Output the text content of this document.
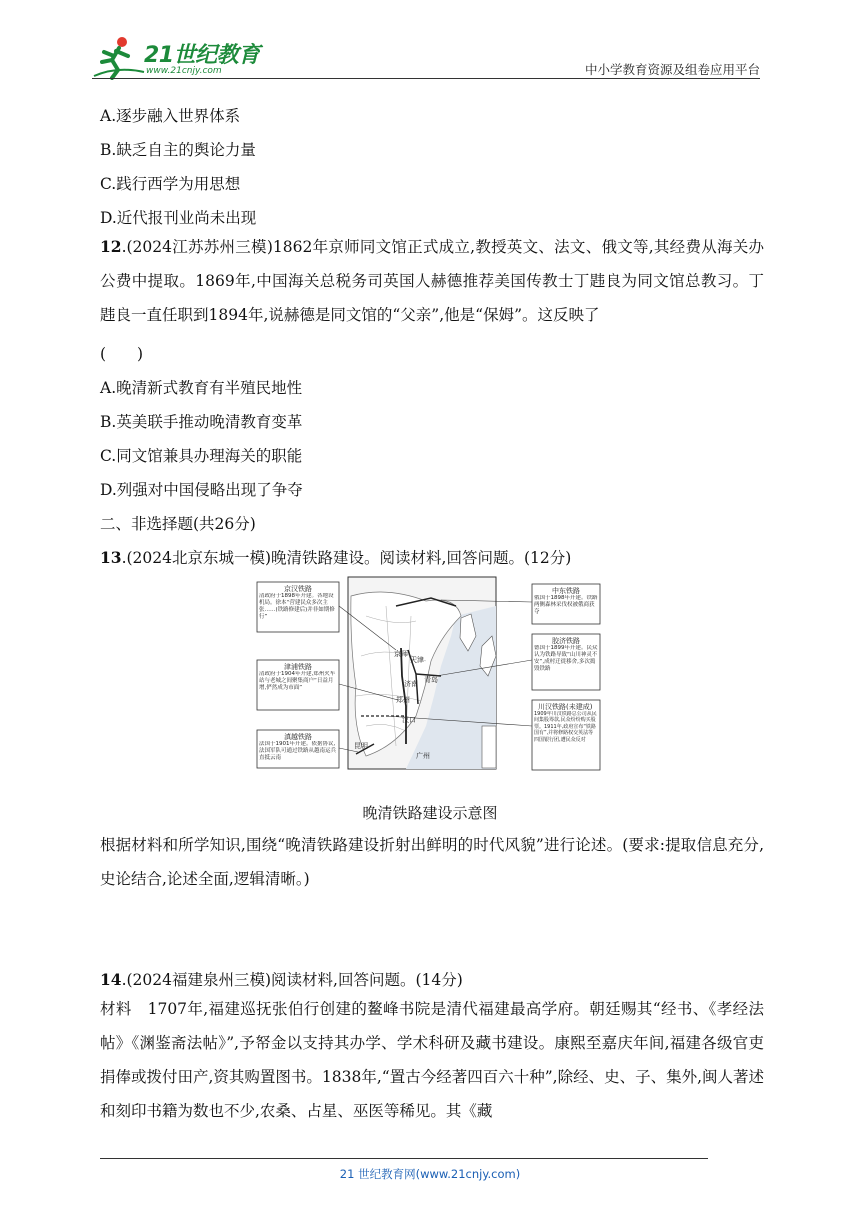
21世纪教育
www.21cnjy.com	中小学教育资源及组卷应用平台
A.逐步融入世界体系
B.缺乏自主的舆论力量
C.践行西学为用思想
D.近代报刊业尚未出现
12.(2024江苏苏州三模)1862年京师同文馆正式成立,教授英文、法文、俄文等,其经费从海关办公费中提取。1869年,中国海关总税务司英国人赫德推荐美国传教士丁韪良为同文馆总教习。丁韪良一直任职到1894年,说赫德是同文馆的“父亲”,他是“保姆”。这反映了
(　　)
A.晚清新式教育有半殖民地性
B.英美联手推动晚清教育变革
C.同文馆兼具办理海关的职能
D.列强对中国侵略出现了争夺
二、非选择题(共26分)
13.(2024北京东城一模)晚清铁路建设。阅读材料,回答问题。(12分)
京师
天津
青岛
济南
郑州
汉口
广州
昆明
京汉铁路
清政府于1898年开建。各地设机局。徐本“营建民众多次主张……(铁路修建后)并非如期修行”
津浦铁路
清政府于1904年开建,郑州火车站与老城之间聚集商户“日益月增,俨然成为市面”
滇越铁路
法国于1901年开建。依据协议,法国军队可通过铁路从越南运兵直抵云南
中东铁路
俄国于1898年开建。铁路两侧森林采伐权被俄商获夺
胶济铁路
德国于1899年开建。民众认为铁路导致“山川神灵不安”,成村迁徙移舍,多次捣毁铁路
川汉铁路(未建成)
1909年川汉铁路总公司从民间集股筹款,民众纷纷购买股票。1911年,政府宣布“铁路国有”,并将修路权交英法等四国银行团,遭民众反对
晚清铁路建设示意图
根据材料和所学知识,围绕“晚清铁路建设折射出鲜明的时代风貌”进行论述。(要求:提取信息充分,史论结合,论述全面,逻辑清晰。)
14.(2024福建泉州三模)阅读材料,回答问题。(14分)
材料　1707年,福建巡抚张伯行创建的鳌峰书院是清代福建最高学府。朝廷赐其“经书、《孝经法帖》《渊鉴斋法帖》”,予帑金以支持其办学、学术科研及藏书建设。康熙至嘉庆年间,福建各级官吏捐俸或拨付田产,资其购置图书。1838年,“置古今经著四百六十种”,除经、史、子、集外,闽人著述和刻印书籍为数也不少,农桑、占星、巫医等稀见。其《藏
21 世纪教育网(www.21cnjy.com)
